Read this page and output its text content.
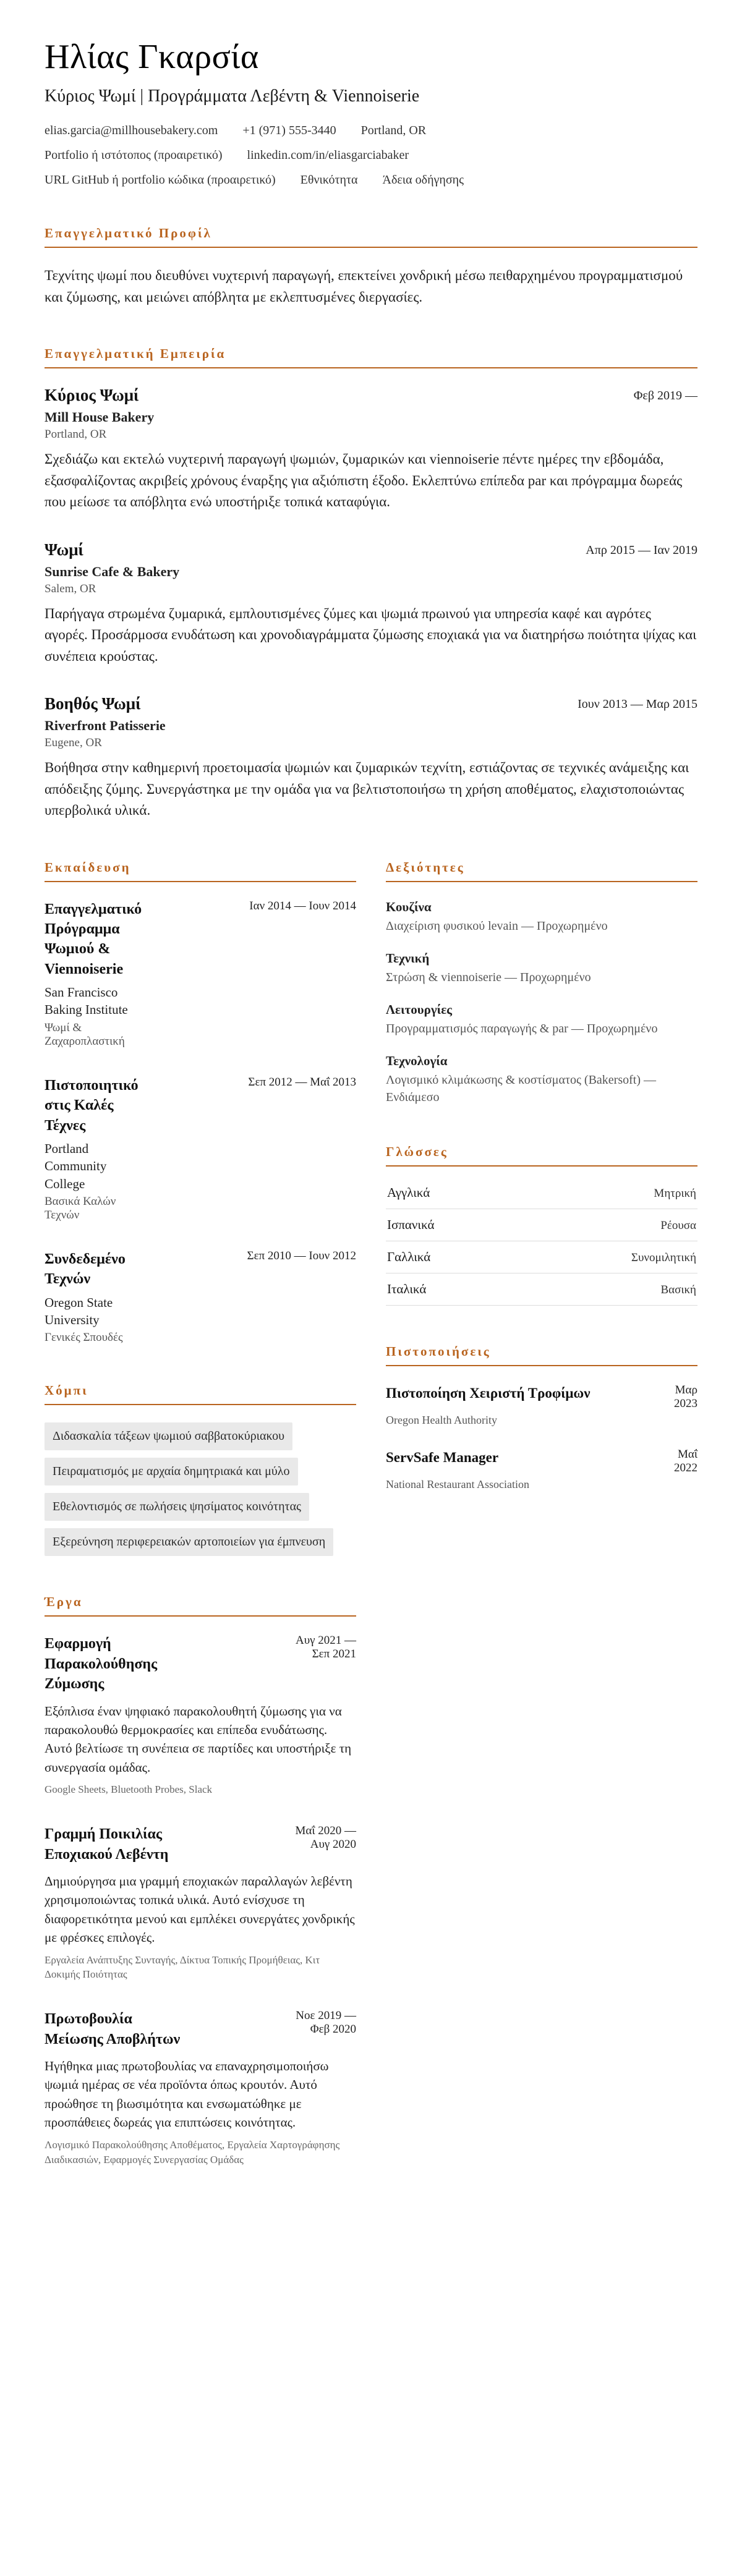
Ηλίας Γκαρσία

Κύριος Ψωμί | Προγράμματα Λεβέντη & Viennoiserie

elias.garcia@millhousebakery.com +1 (971) 555-3440 Portland, OR
Portfolio ή ιστότοπος (προαιρετικό) linkedin.com/in/eliasgarciabaker
URL GitHub ή portfolio κώδικα (προαιρετικό) Εθνικότητα Άδεια οδήγησης
Επαγγελματικό Προφίλ

Τεχνίτης ψωμί που διευθύνει νυχτερινή παραγωγή, επεκτείνει χονδρική μέσω πειθαρχημένου προγραμματισμού και ζύμωσης, και μειώνει απόβλητα με εκλεπτυσμένες διεργασίες.

Επαγγελματική Εμπειρία
Κύριος Ψωμί	Φεβ 2019 —
Mill House Bakery
Portland, OR

Σχεδιάζω και εκτελώ νυχτερινή παραγωγή ψωμιών, ζυμαρικών και viennoiserie πέντε ημέρες την εβδομάδα, εξασφαλίζοντας ακριβείς χρόνους έναρξης για αξιόπιστη έξοδο. Εκλεπτύνω επίπεδα par και πρόγραμμα δωρεάς που μείωσε τα απόβλητα ενώ υποστήριξε τοπικά καταφύγια.

Ψωμί	Απρ 2015 — Ιαν 2019
Sunrise Cafe & Bakery
Salem, OR

Παρήγαγα στρωμένα ζυμαρικά, εμπλουτισμένες ζύμες και ψωμιά πρωινού για υπηρεσία καφέ και αγρότες αγορές. Προσάρμοσα ενυδάτωση και χρονοδιαγράμματα ζύμωσης εποχιακά για να διατηρήσω ποιότητα ψίχας και συνέπεια κρούστας.

Βοηθός Ψωμί	Ιουν 2013 — Μαρ 2015
Riverfront Patisserie
Eugene, OR

Βοήθησα στην καθημερινή προετοιμασία ψωμιών και ζυμαρικών τεχνίτη, εστιάζοντας σε τεχνικές ανάμειξης και απόδειξης ζύμης. Συνεργάστηκα με την ομάδα για να βελτιστοποιήσω τη χρήση αποθέματος, ελαχιστοποιώντας υπερβολικά υλικά.

Εκπαίδευση
Επαγγελματικό Πρόγραμμα Ψωμιού & Viennoiserie
San Francisco Baking Institute
Ψωμί & Ζαχαροπλαστική
Ιαν 2014 — Ιουν 2014
Πιστοποιητικό στις Καλές Τέχνες
Portland Community College
Βασικά Καλών Τεχνών
Σεπ 2012 — Μαΐ 2013
Συνδεδεμένο Τεχνών
Oregon State University
Γενικές Σπουδές
Σεπ 2010 — Ιουν 2012
Χόμπι
Διδασκαλία τάξεων ψωμιού σαββατοκύριακου
Πειραματισμός με αρχαία δημητριακά και μύλο
Εθελοντισμός σε πωλήσεις ψησίματος κοινότητας
Εξερεύνηση περιφερειακών αρτοποιείων για έμπνευση
Έργα
Εφαρμογή Παρακολούθησης Ζύμωσης
Αυγ 2021 — Σεπ 2021

Εξόπλισα έναν ψηφιακό παρακολουθητή ζύμωσης για να παρακολουθώ θερμοκρασίες και επίπεδα ενυδάτωσης. Αυτό βελτίωσε τη συνέπεια σε παρτίδες και υποστήριξε τη συνεργασία ομάδας.

Google Sheets, Bluetooth Probes, Slack
Γραμμή Ποικιλίας Εποχιακού Λεβέντη
Μαΐ 2020 — Αυγ 2020

Δημιούργησα μια γραμμή εποχιακών παραλλαγών λεβέντη χρησιμοποιώντας τοπικά υλικά. Αυτό ενίσχυσε τη διαφορετικότητα μενού και εμπλέκει συνεργάτες χονδρικής με φρέσκες επιλογές.

Εργαλεία Ανάπτυξης Συνταγής, Δίκτυα Τοπικής Προμήθειας, Κιτ Δοκιμής Ποιότητας
Πρωτοβουλία Μείωσης Αποβλήτων
Νοε 2019 — Φεβ 2020

Ηγήθηκα μιας πρωτοβουλίας να επαναχρησιμοποιήσω ψωμιά ημέρας σε νέα προϊόντα όπως κρουτόν. Αυτό προώθησε τη βιωσιμότητα και ενσωματώθηκε με προσπάθειες δωρεάς για επιπτώσεις κοινότητας.

Λογισμικό Παρακολούθησης Αποθέματος, Εργαλεία Χαρτογράφησης Διαδικασιών, Εφαρμογές Συνεργασίας Ομάδας
Δεξιότητες
Κουζίνα
Διαχείριση φυσικού levain — Προχωρημένο
Τεχνική
Στρώση & viennoiserie — Προχωρημένο
Λειτουργίες
Προγραμματισμός παραγωγής & par — Προχωρημένο
Τεχνολογία
Λογισμικό κλιμάκωσης & κοστίσματος (Bakersoft) — Ενδιάμεσο
Γλώσσες
Αγγλικά	Μητρική
Ισπανικά	Ρέουσα
Γαλλικά	Συνομιλητική
Ιταλικά	Βασική
Πιστοποιήσεις
Πιστοποίηση Χειριστή Τροφίμων	Μαρ 2023
Oregon Health Authority
ServSafe Manager	Μαΐ 2022
National Restaurant Association
